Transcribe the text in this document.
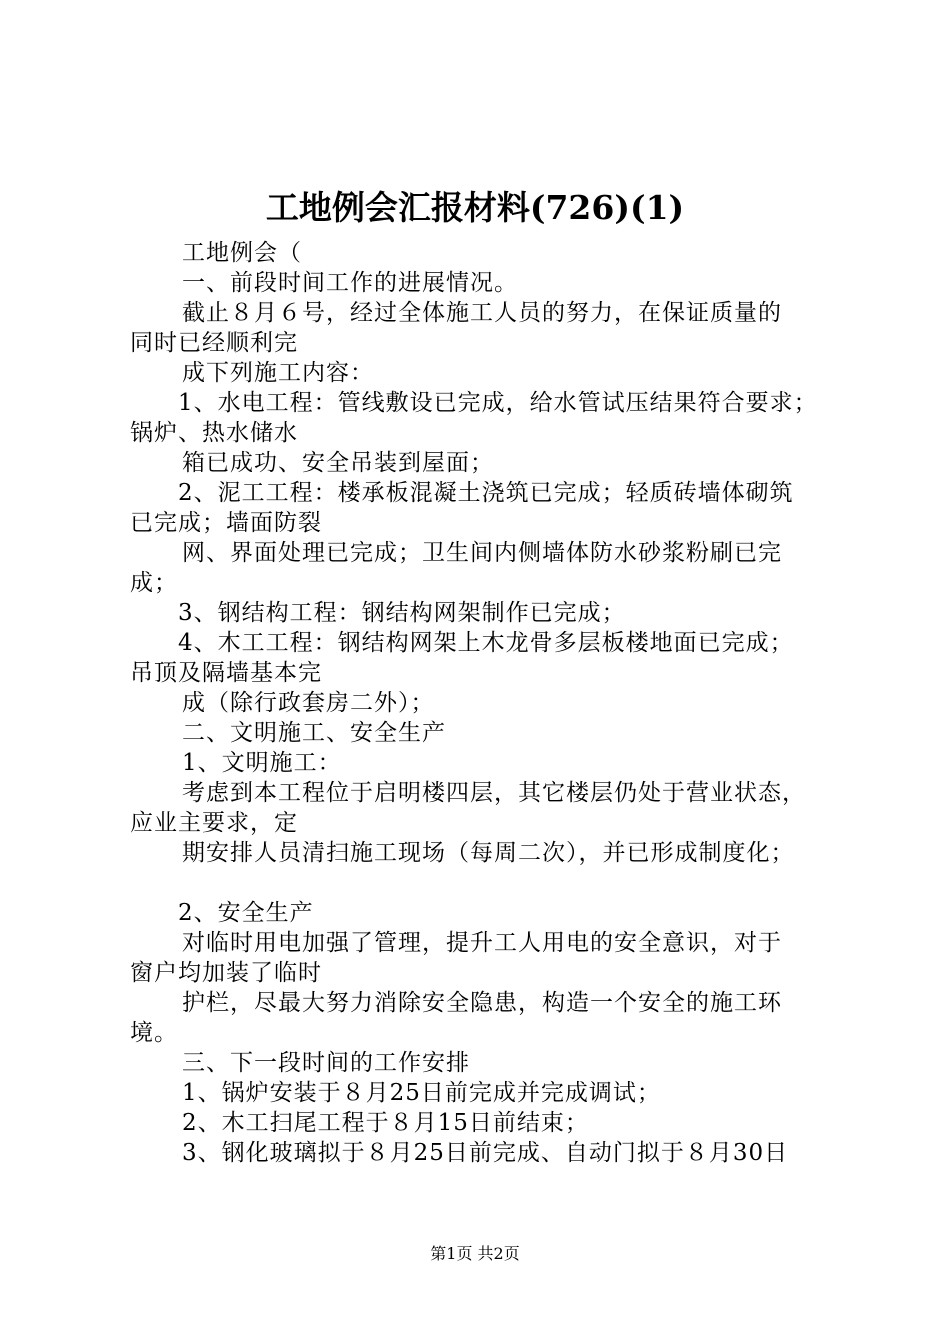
工地例会汇报材料(726)(1)
工地例会（
一、前段时间工作的进展情况。
截止８月６号，经过全体施工人员的努力，在保证质量的
同时已经顺利完
成下列施工内容：
1、水电工程：管线敷设已完成，给水管试压结果符合要求；
锅炉、热水储水
箱已成功、安全吊装到屋面；
2、泥工工程：楼承板混凝土浇筑已完成；轻质砖墙体砌筑
已完成；墙面防裂
网、界面处理已完成；卫生间内侧墙体防水砂浆粉刷已完
成；
3、钢结构工程：钢结构网架制作已完成；
4、木工工程：钢结构网架上木龙骨多层板楼地面已完成；
吊顶及隔墙基本完
成（除行政套房二外）；
二、文明施工、安全生产
1、文明施工：
考虑到本工程位于启明楼四层，其它楼层仍处于营业状态，
应业主要求，定
期安排人员清扫施工现场（每周二次），并已形成制度化；
2、安全生产
对临时用电加强了管理，提升工人用电的安全意识，对于
窗户均加装了临时
护栏，尽最大努力消除安全隐患，构造一个安全的施工环
境。
三、下一段时间的工作安排
1、锅炉安装于８月25日前完成并完成调试；
2、木工扫尾工程于８月15日前结束；
3、钢化玻璃拟于８月25日前完成、自动门拟于８月30日
第1页 共2页
